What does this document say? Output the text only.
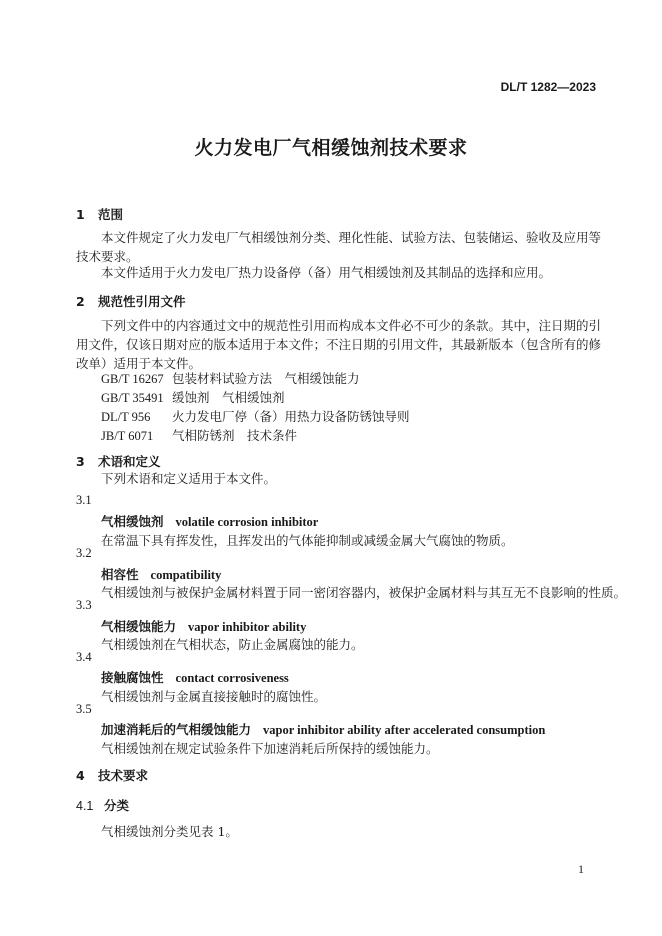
DL/T 1282—2023
火力发电厂气相缓蚀剂技术要求
1 范围
本文件规定了火力发电厂气相缓蚀剂分类、理化性能、试验方法、包装储运、验收及应用等技术要求。
本文件适用于火力发电厂热力设备停（备）用气相缓蚀剂及其制品的选择和应用。
2 规范性引用文件
下列文件中的内容通过文中的规范性引用而构成本文件必不可少的条款。其中，注日期的引用文件，仅该日期对应的版本适用于本文件；不注日期的引用文件，其最新版本（包含所有的修改单）适用于本文件。
GB/T 16267 包装材料试验方法　气相缓蚀能力
GB/T 35491 缓蚀剂　气相缓蚀剂
DL/T 956 火力发电厂停（备）用热力设备防锈蚀导则
JB/T 6071 气相防锈剂　技术条件
3 术语和定义
下列术语和定义适用于本文件。
3.1
气相缓蚀剂 volatile corrosion inhibitor
在常温下具有挥发性，且挥发出的气体能抑制或减缓金属大气腐蚀的物质。
3.2
相容性 compatibility
气相缓蚀剂与被保护金属材料置于同一密闭容器内，被保护金属材料与其互无不良影响的性质。
3.3
气相缓蚀能力 vapor inhibitor ability
气相缓蚀剂在气相状态，防止金属腐蚀的能力。
3.4
接触腐蚀性 contact corrosiveness
气相缓蚀剂与金属直接接触时的腐蚀性。
3.5
加速消耗后的气相缓蚀能力 vapor inhibitor ability after accelerated consumption
气相缓蚀剂在规定试验条件下加速消耗后所保持的缓蚀能力。
4 技术要求
4.1 分类
气相缓蚀剂分类见表 1。
1
